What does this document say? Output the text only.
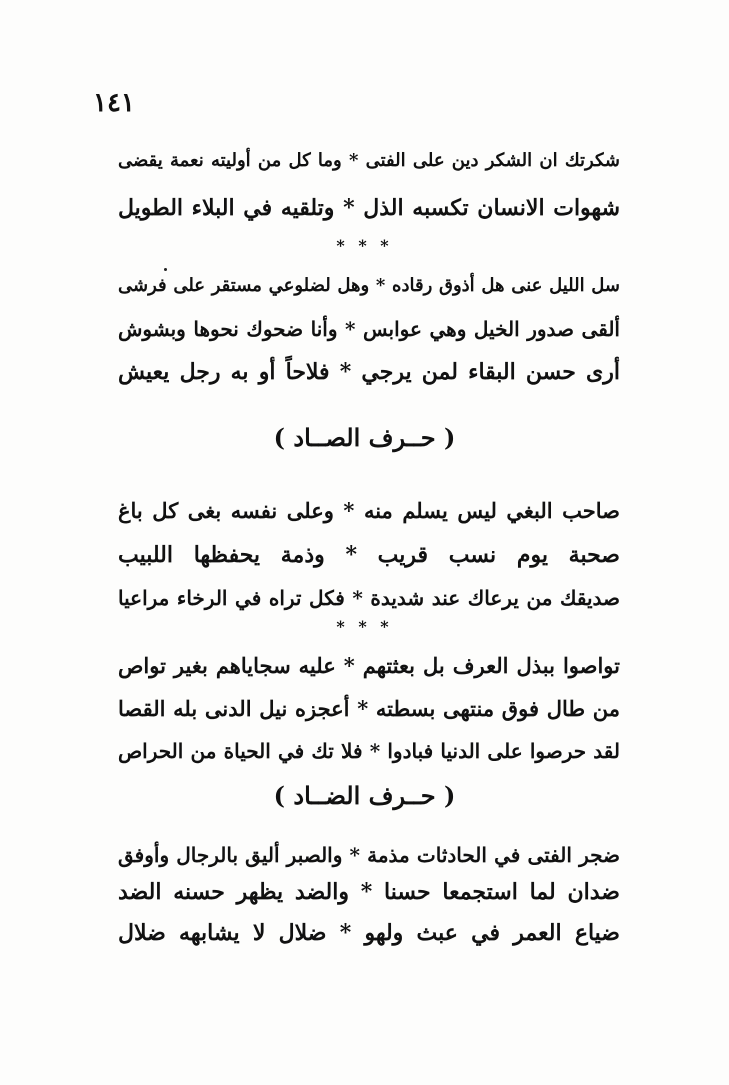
١٤١
شكرتك ان الشكر دين على الفتى * وما كل من أوليته نعمة يقضى
شهوات الانسان تكسبه الذل * وتلقيه في البلاء الطويل
* * *
سل الليل عنى هل أذوق رقاده * وهل لضلوعي مستقر على فرشى
ألقى صدور الخيل وهي عوابس * وأنا ضحوك نحوها وبشوش
أرى حسن البقاء لمن يرجي * فلاحاً أو به رجل يعيش
( حــرف الصــاد )
صاحب البغي ليس يسلم منه * وعلى نفسه بغى كل باغ
صحبة يوم نسب قريب * وذمة يحفظها اللبيب
صديقك من يرعاك عند شديدة * فكل تراه في الرخاء مراعيا
* * *
تواصوا ببذل العرف بل بعثتهم * عليه سجاياهم بغير تواص
من طال فوق منتهى بسطته * أعجزه نيل الدنى بله القصا
لقد حرصوا على الدنيا فبادوا * فلا تك في الحياة من الحراص
( حــرف الضــاد )
ضجر الفتى في الحادثات مذمة * والصبر أليق بالرجال وأوفق
ضدان لما استجمعا حسنا * والضد يظهر حسنه الضد
ضياع العمر في عبث ولهو * ضلال لا يشابهه ضلال
